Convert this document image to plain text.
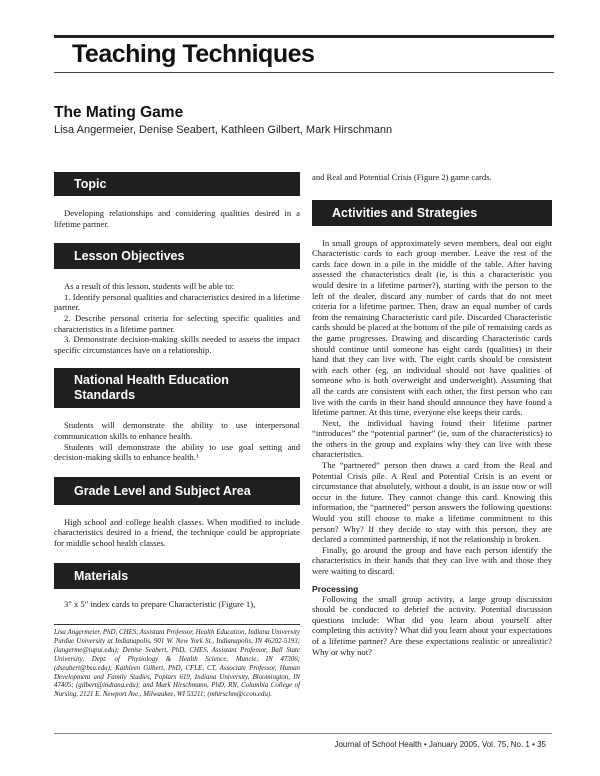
Teaching Techniques
The Mating Game
Lisa Angermeier, Denise Seabert, Kathleen Gilbert, Mark Hirschmann
Topic

Developing relationships and considering qualities desired in a lifetime partner.

Lesson Objectives

As a result of this lesson, students will be able to:

1. Identify personal qualities and characteristics desired in a lifetime partner.

2. Describe personal criteria for selecting specific qualities and characteristics in a lifetime partner.

3. Demonstrate decision-making skills needed to assess the impact specific circumstances have on a relationship.

National Health Education
Standards

Students will demonstrate the ability to use interpersonal communication skills to enhance health.

Students will demonstrate the ability to use goal setting and decision-making skills to enhance health.¹

Grade Level and Subject Area

High school and college health classes. When modified to include characteristics desired in a friend, the technique could be appropriate for middle school health classes.

Materials

3" x 5" index cards to prepare Characteristic (Figure 1),

Lisa Angermeier, PhD, CHES, Assistant Professor, Health Education, Indiana University Purdue University at Indianapolis, 901 W. New York St., Indianapolis, IN 46202-5193; (langerme@iupui.edu); Denise Seabert, PhD, CHES, Assistant Professor, Ball State University, Dept. of Physiology & Health Science, Muncie, IN 47306; (dseabert@bsu.edu); Kathleen Gilbert, PhD, CFLE, CT, Associate Professor, Human Development and Family Studies, Poplars 619, Indiana University, Bloomington, IN 47405; (gilbert@indiana.edu); and Mark Hirschmann, PhD, RN, Columbia College of Nursing, 2121 E. Newport Ave., Milwaukee, WI 53211; (mhirschm@ccon.edu).

and Real and Potential Crisis (Figure 2) game cards.

Activities and Strategies

In small groups of approximately seven members, deal out eight Characteristic cards to each group member. Leave the rest of the cards face down in a pile in the middle of the table. After having assessed the characteristics dealt (ie, is this a characteristic you would desire in a lifetime partner?), starting with the person to the left of the dealer, discard any number of cards that do not meet criteria for a lifetime partner. Then, draw an equal number of cards from the remaining Characteristic card pile. Discarded Characteristic cards should be placed at the bottom of the pile of remaining cards as the game progresses. Drawing and discarding Characteristic cards should continue until someone has eight cards (qualities) in their hand that they can live with. The eight cards should be consistent with each other (eg, an individual should not have qualities of someone who is both overweight and underweight). Assuming that all the cards are consistent with each other, the first person who can live with the cards in their hand should announce they have found a lifetime partner. At this time, everyone else keeps their cards.

Next, the individual having found their lifetime partner “introduces” the “potential partner” (ie, sum of the characteristics) to the others in the group and explains why they can live with these characteristics.

The “partnered” person then draws a card from the Real and Potential Crisis pile. A Real and Potential Crisis is an event or circumstance that absolutely, without a doubt, is an issue now or will occur in the future. They cannot change this card. Knowing this information, the “partnered” person answers the following questions: Would you still choose to make a lifetime commitment to this person? Why? If they decide to stay with this person, they are declared a committed partnership, if not the relationship is broken.

Finally, go around the group and have each person identify the characteristics in their hands that they can live with and those they were waiting to discard.

Processing

Following the small group activity, a large group discussion should be conducted to debrief the activity. Potential discussion questions include: What did you learn about yourself after completing this activity? What did you learn about your expectations of a lifetime partner? Are these expectations realistic or unrealistic? Why or why not?

Journal of School Health • January 2005, Vol. 75, No. 1 • 35
